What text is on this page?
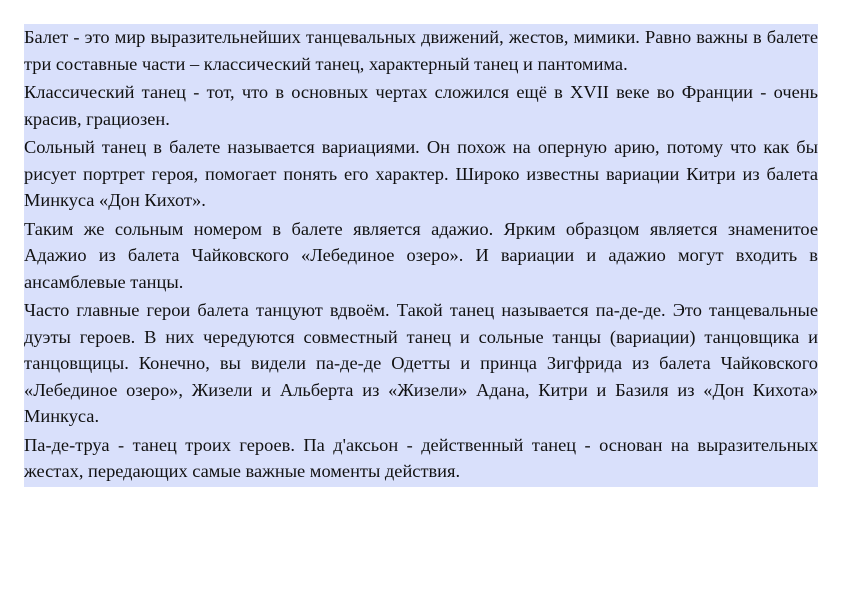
Балет - это мир выразительнейших танцевальных движений, жестов, мимики. Равно важны в балете три составные части – классический танец, характерный танец и пантомима.

Классический танец - тот, что в основных чертах сложился ещё в XVII веке во Франции - очень красив, грациозен.

Сольный танец в балете называется вариациями. Он похож на оперную арию, потому что как бы рисует портрет героя, помогает понять его характер. Широко известны вариации Китри из балета Минкуса «Дон Кихот».

Таким же сольным номером в балете является адажио. Ярким образцом является знаменитое Адажио из балета Чайковского «Лебединое озеро». И вариации и адажио могут входить в ансамблевые танцы.

Часто главные герои балета танцуют вдвоём. Такой танец называется па-де-де. Это танцевальные дуэты героев. В них чередуются совместный танец и сольные танцы (вариации) танцовщика и танцовщицы. Конечно, вы видели па-де-де Одетты и принца Зигфрида из балета Чайковского «Лебединое озеро», Жизели и Альберта из «Жизели» Адана, Китри и Базиля из «Дон Кихота» Минкуса.

Па-де-труа - танец троих героев. Па д'аксьон - действенный танец - основан на выразительных жестах, передающих самые важные моменты действия.
